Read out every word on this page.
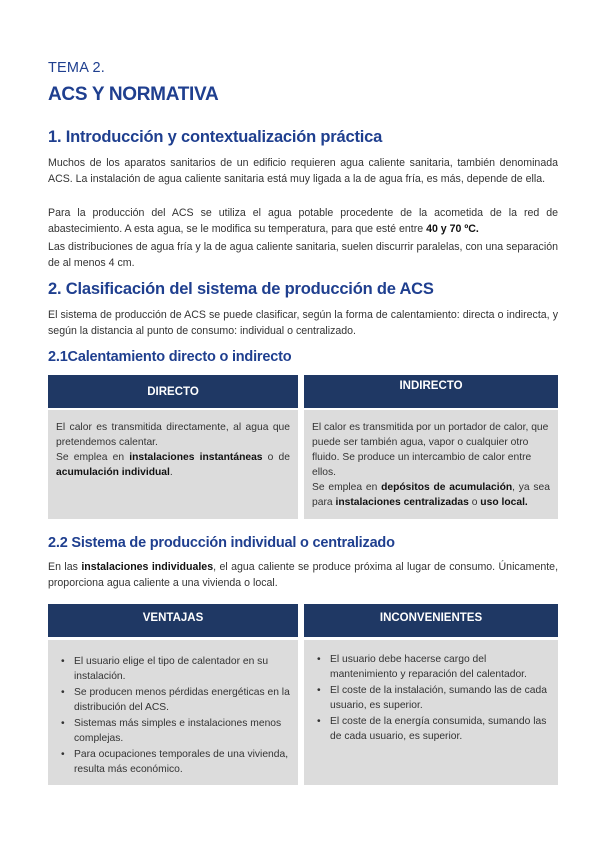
TEMA 2.
ACS Y NORMATIVA
1. Introducción y contextualización práctica
Muchos de los aparatos sanitarios de un edificio requieren agua caliente sanitaria, también denominada ACS. La instalación de agua caliente sanitaria está muy ligada a la de agua fría, es más, depende de ella.
Para la producción del ACS se utiliza el agua potable procedente de la acometida de la red de abastecimiento. A esta agua, se le modifica su temperatura, para que esté entre 40 y 70 ºC.
Las distribuciones de agua fría y la de agua caliente sanitaria, suelen discurrir paralelas, con una separación de al menos 4 cm.
2. Clasificación del sistema de producción de ACS
El sistema de producción de ACS se puede clasificar, según la forma de calentamiento: directa o indirecta, y según la distancia al punto de consumo: individual o centralizado.
2.1Calentamiento directo o indirecto
DIRECTO	INDIRECTO
El calor es transmitida directamente, al agua que pretendemos calentar.
Se emplea en instalaciones instantáneas o de acumulación individual.
El calor es transmitida por un portador de calor, que puede ser también agua, vapor o cualquier otro fluido. Se produce un intercambio de calor entre ellos.
Se emplea en depósitos de acumulación, ya sea para instalaciones centralizadas o uso local.
2.2 Sistema de producción individual o centralizado
En las instalaciones individuales, el agua caliente se produce próxima al lugar de consumo. Únicamente, proporciona agua caliente a una vivienda o local.
VENTAJAS	INCONVENIENTES
• El usuario elige el tipo de calentador en su instalación.
• Se producen menos pérdidas energéticas en la distribución del ACS.
• Sistemas más simples e instalaciones menos complejas.
• Para ocupaciones temporales de una vivienda, resulta más económico.
• El usuario debe hacerse cargo del mantenimiento y reparación del calentador.
• El coste de la instalación, sumando las de cada usuario, es superior.
• El coste de la energía consumida, sumando las de cada usuario, es superior.
